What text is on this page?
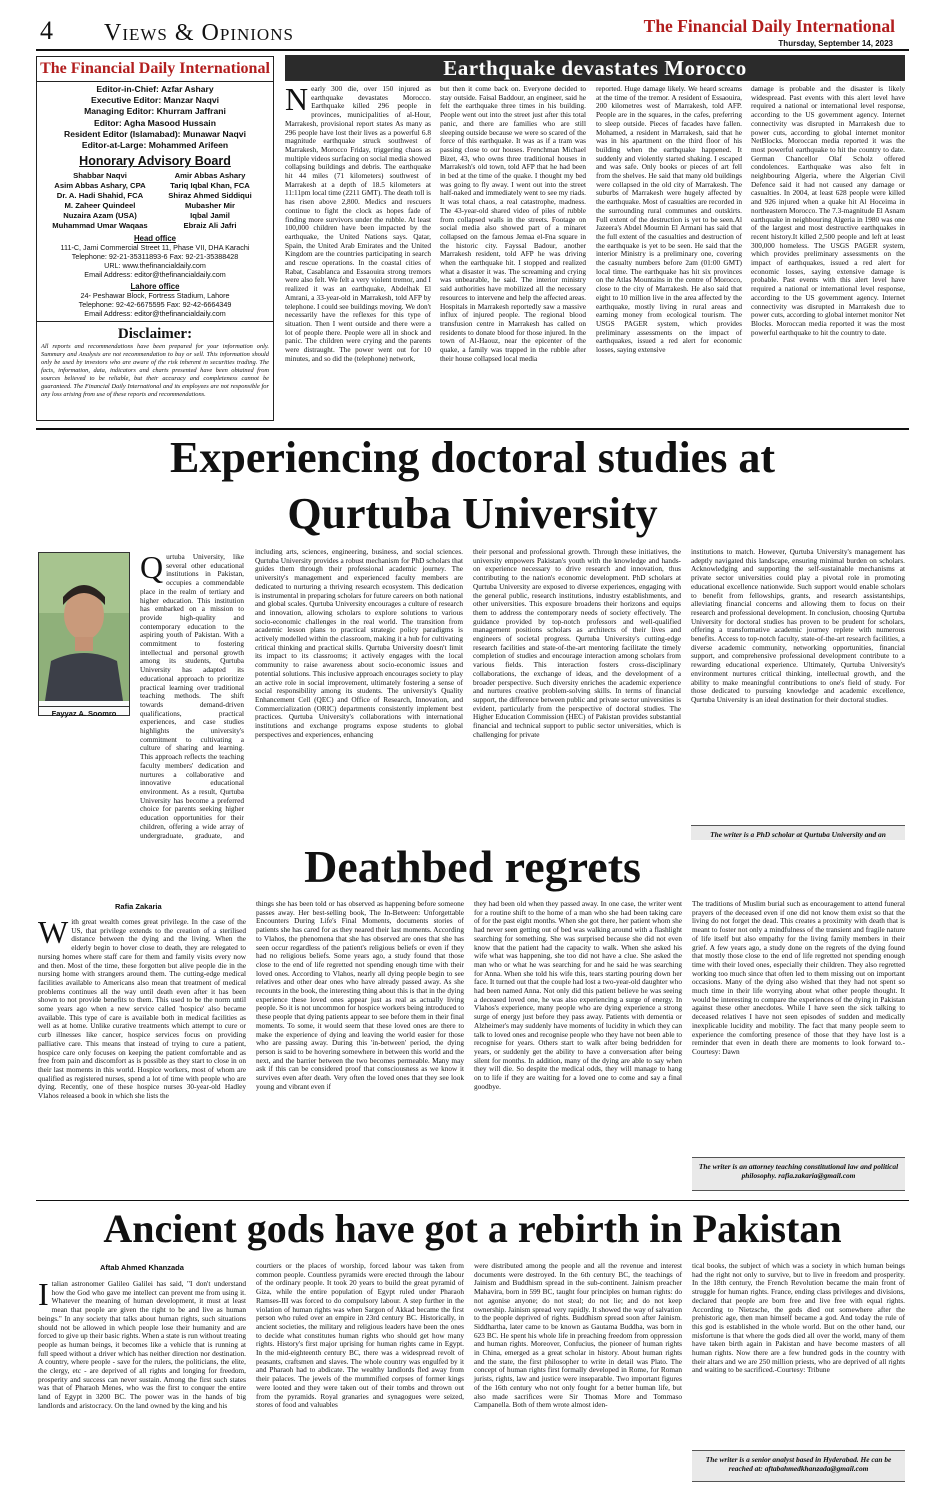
4 Views & Opinions	The Financial Daily International
Thursday, September 14, 2023
The Financial Daily International
Editor-in-Chief: Azfar Ashary
Executive Editor: Manzar Naqvi
Managing Editor: Khurram Jaffrani
Editor: Agha Masood Hussain
Resident Editor (Islamabad): Munawar Naqvi
Editor-at-Large: Mohammed Arifeen
Honorary Advisory Board
Shabbar Naqvi
Asim Abbas Ashary, CPA
Dr. A. Hadi Shahid, FCA
M. Zaheer Quindeel
Nuzaira Azam (USA)
Muhammad Umar Waqaas
Amir Abbas Ashary
Tariq Iqbal Khan, FCA
Shiraz Ahmed Siddiqui
Mubasher Mir
Iqbal Jamil
Ebraiz Ali Jafri
Head office
111-C, Jami Commercial Street 11, Phase VII, DHA Karachi
Telephone: 92-21-35311893-6 Fax: 92-21-35388428
URL: www.thefinancialdaily.com
Email Address: editor@thefinancialdaily.com
Lahore office
24- Peshawar Block, Fortress Stadium, Lahore
Telephone: 92-42-6675595 Fax: 92-42-6664349
Email Address: editor@thefinancialdaily.com
Disclaimer:
All reports and recommendations have been prepared for your information only. Summary and Analysis are not recommendation to buy or sell. This information should only be used by investors who are aware of the risk inherent in securities trading. The facts, information, data, indicators and charts presented have been obtained from sources believed to be reliable, but their accuracy and completeness cannot be guaranteed. The Financial Daily International and its employees are not responsible for any loss arising from use of these reports and recommendations.
Earthquake devastates Morocco
Nearly 300 die, over 150 injured as earthquake devastates Morocco. Earthquake killed 296 people in provinces, municipalities of al-Hour, Marrakesh, provisional report states As many as 296 people have lost their lives as a powerful 6.8 magnitude earthquake struck southwest of Marrakesh, Morocco Friday, triggering chaos as multiple videos surfacing on social media showed collapsing buildings and debris. The earthquake hit 44 miles (71 kilometers) southwest of Marrakesh at a depth of 18.5 kilometers at 11:11pm local time (2211 GMT). The death toll is has risen above 2,800. Medics and rescuers continue to fight the clock as hopes fade of finding more survivors under the rubble. At least 100,000 children have been impacted by the earthquake, the United Nations says. Qatar, Spain, the United Arab Emirates and the United Kingdom are the countries participating in search and rescue operations. In the coastal cities of Rabat, Casablanca and Essaouira strong tremors were also felt. We felt a very violent tremor, and I realized it was an earthquake, Abdelhak El Amrani, a 33-year-old in Marrakesh, told AFP by telephone. I could see buildings moving. We don't necessarily have the reflexes for this type of situation. Then I went outside and there were a lot of people there. People were all in shock and panic. The children were crying and the parents were distraught. The power went out for 10 minutes, and so did the (telephone) network,
but then it come back on. Everyone decided to stay outside. Faisal Baddour, an engineer, said he felt the earthquake three times in his building. People went out into the street just after this total panic, and there are families who are still sleeping outside because we were so scared of the force of this earthquake. It was as if a tram was passing close to our houses. Frenchman Michael Bizet, 43, who owns three traditional houses in Marrakesh's old town, told AFP that he had been in bed at the time of the quake. I thought my bed was going to fly away. I went out into the street half-naked and immediately went to see my riads. It was total chaos, a real catastrophe, madness. The 43-year-old shared video of piles of rubble from collapsed walls in the streets. Footage on social media also showed part of a minaret collapsed on the famous Jemaa el-Fna square in the historic city. Fayssal Badour, another Marrakesh resident, told AFP he was driving when the earthquake hit. I stopped and realized what a disaster it was. The screaming and crying was unbearable, he said. The interior ministry said authorities have mobilized all the necessary resources to intervene and help the affected areas. Hospitals in Marrakesh reportedly saw a massive influx of injured people. The regional blood transfusion centre in Marrakesh has called on residents to donate blood for those injured. In the town of Al-Haouz, near the epicenter of the quake, a family was trapped in the rubble after their house collapsed local media
reported. Huge damage likely. We heard screams at the time of the tremor. A resident of Essaouira, 200 kilometres west of Marrakesh, told AFP. People are in the squares, in the cafes, preferring to sleep outside. Pieces of facades have fallen. Mohamed, a resident in Marrakesh, said that he was in his apartment on the third floor of his building when the earthquake happened. It suddenly and violently started shaking. I escaped and was safe. Only books or pieces of art fell from the shelves. He said that many old buildings were collapsed in the old city of Marrakesh. The suburbs of Marrakesh were hugely affected by the earthquake. Most of casualties are recorded in the surrounding rural communes and outskirts. Full extent of the destruction is yet to be seen.Al Jazeera's Abdel Moumin El Armani has said that the full extent of the casualties and destruction of the earthquake is yet to be seen. He said that the interior Ministry is a preliminary one, covering the casualty numbers before 2am (01:00 GMT) local time. The earthquake has hit six provinces on the Atlas Mountains in the centre of Morocco, close to the city of Marrakesh. He also said that eight to 10 million live in the area affected by the earthquake, mostly living in rural areas and earning money from ecological tourism. The USGS PAGER system, which provides preliminary assessments on the impact of earthquakes, issued a red alert for economic losses, saying extensive
damage is probable and the disaster is likely widespread. Past events with this alert level have required a national or international level response, according to the US government agency. Internet connectivity was disrupted in Marrakesh due to power cuts, according to global internet monitor NetBlocks. Moroccan media reported it was the most powerful earthquake to hit the country to date. German Chancellor Olaf Scholz offered condolences. Earthquake was also felt in neighbouring Algeria, where the Algerian Civil Defence said it had not caused any damage or casualties. In 2004, at least 628 people were killed and 926 injured when a quake hit Al Hoceima in northeastern Morocco. The 7.3-magnitude El Asnam earthquake in neighbouring Algeria in 1980 was one of the largest and most destructive earthquakes in recent history.It killed 2,500 people and left at least 300,000 homeless. The USGS PAGER system, which provides preliminary assessments on the impact of earthquakes, issued a red alert for economic losses, saying extensive damage is probable. Past events with this alert level have required a national or international level response, according to the US government agency. Internet connectivity was disrupted in Marrakesh due to power cuts, according to global internet monitor Net Blocks. Moroccan media reported it was the most powerful earthquake to hit the country to date.
Experiencing doctoral studies at
Qurtuba University
Fayyaz A. Soomro
Qurtuba University, like several other educational institutions in Pakistan, occupies a commendable place in the realm of tertiary and higher education. This institution has embarked on a mission to provide high-quality and contemporary education to the aspiring youth of Pakistan. With a commitment to fostering intellectual and personal growth among its students, Qurtuba University has adapted its educational approach to prioritize practical learning over traditional teaching methods. The shift towards demand-driven qualifications, practical experiences, and case studies highlights the university's commitment to cultivating a culture of sharing and learning. This approach reflects the teaching faculty members' dedication and nurtures a collaborative and innovative educational environment. As a result, Qurtuba University has become a preferred choice for parents seeking higher education opportunities for their children, offering a wide array of undergraduate, graduate, and
including arts, sciences, engineering, business, and social sciences. Qurtuba University provides a robust mechanism for PhD scholars that guides them through their professional academic journey. The university's management and experienced faculty members are dedicated to nurturing a thriving research ecosystem. This dedication is instrumental in preparing scholars for future careers on both national and global scales. Qurtuba University encourages a culture of research and innovation, allowing scholars to explore solutions to various socio-economic challenges in the real world. The transition from academic lesson plans to practical strategic policy paradigms is actively modelled within the classroom, making it a hub for cultivating critical thinking and practical skills. Qurtuba University doesn't limit its impact to its classrooms; it actively engages with the local community to raise awareness about socio-economic issues and potential solutions. This inclusive approach encourages society to play an active role in social improvement, ultimately fostering a sense of social responsibility among its students. The university's Quality Enhancement Cell (QEC) and Office of Research, Innovation, and Commercialization (ORIC) departments consistently implement best practices. Qurtuba University's collaborations with international institutions and exchange programs expose students to global perspectives and experiences, enhancing
their personal and professional growth. Through these initiatives, the university empowers Pakistan's youth with the knowledge and hands-on experience necessary to drive research and innovation, thus contributing to the nation's economic development. PhD scholars at Qurtuba University are exposed to diverse experiences, engaging with the general public, research institutions, industry establishments, and other universities. This exposure broadens their horizons and equips them to address the contemporary needs of society effectively. The guidance provided by top-notch professors and well-qualified management positions scholars as architects of their lives and engineers of societal progress. Qurtuba University's cutting-edge research facilities and state-of-the-art mentoring facilitate the timely completion of studies and encourage interaction among scholars from various fields. This interaction fosters cross-disciplinary collaborations, the exchange of ideas, and the development of a broader perspective. Such diversity enriches the academic experience and nurtures creative problem-solving skills. In terms of financial support, the difference between public and private sector universities is evident, particularly from the perspective of doctoral studies. The Higher Education Commission (HEC) of Pakistan provides substantial financial and technical support to public sector universities, which is challenging for private
institutions to match. However, Qurtuba University's management has adeptly navigated this landscape, ensuring minimal burden on scholars. Acknowledging and supporting the self-sustainable mechanisms at private sector universities could play a pivotal role in promoting educational excellence nationwide. Such support would enable scholars to benefit from fellowships, grants, and research assistantships, alleviating financial concerns and allowing them to focus on their research and professional development. In conclusion, choosing Qurtuba University for doctoral studies has proven to be prudent for scholars, offering a transformative academic journey replete with numerous benefits. Access to top-notch faculty, state-of-the-art research facilities, a diverse academic community, networking opportunities, financial support, and comprehensive professional development contribute to a rewarding educational experience. Ultimately, Qurtuba University's environment nurtures critical thinking, intellectual growth, and the ability to make meaningful contributions to one's field of study. For those dedicated to pursuing knowledge and academic excellence, Qurtuba University is an ideal destination for their doctoral studies.
The writer is a PhD scholar at Qurtuba University and an
Deathbed regrets
Rafia Zakaria
With great wealth comes great privilege. In the case of the US, that privilege extends to the creation of a sterilised distance between the dying and the living. When the elderly begin to hover close to death, they are relegated to nursing homes where staff care for them and family visits every now and then. Most of the time, these forgotten but alive people die in the nursing home with strangers around them. The cutting-edge medical facilities available to Americans also mean that treatment of medical problems continues all the way until death even after it has been shown to not provide benefits to them. This used to be the norm until some years ago when a new service called 'hospice' also became available. This type of care is available both in medical facilities as well as at home. Unlike curative treatments which attempt to cure or curb illnesses like cancer, hospice services focus on providing palliative care. This means that instead of trying to cure a patient, hospice care only focuses on keeping the patient comfortable and as free from pain and discomfort as is possible as they start to close in on their last moments in this world. Hospice workers, most of whom are qualified as registered nurses, spend a lot of time with people who are dying. Recently, one of these hospice nurses 30-year-old Hadley Vlahos released a book in which she lists the
things she has been told or has observed as happening before someone passes away. Her best-selling book, The In-Between: Unforgettable Encounters During Life's Final Moments, documents stories of patients she has cared for as they neared their last moments. According to Vlahos, the phenomena that she has observed are ones that she has seen occur regardless of the patient's religious beliefs or even if they had no religious beliefs. Some years ago, a study found that those close to the end of life regretted not spending enough time with their loved ones. According to Vlahos, nearly all dying people begin to see relatives and other dear ones who have already passed away. As she recounts in the book, the interesting thing about this is that in the dying experience these loved ones appear just as real as actually living people. So it is not uncommon for hospice workers being introduced to these people that dying patients appear to see before them in their final moments. To some, it would seem that these loved ones are there to make the experience of dying and leaving the world easier for those who are passing away. During this 'in-between' period, the dying person is said to be hovering somewhere in between this world and the next, and the barrier between the two becomes permeable. Many may ask if this can be considered proof that consciousness as we know it survives even after death. Very often the loved ones that they see look young and vibrant even if
they had been old when they passed away. In one case, the writer went for a routine shift to the home of a man who she had been taking care of for the past eight months. When she got there, her patient whom she had never seen getting out of bed was walking around with a flashlight searching for something. She was surprised because she did not even know that the patient had the capacity to walk. When she asked his wife what was happening, she too did not have a clue. She asked the man who or what he was searching for and he said he was searching for Anna. When she told his wife this, tears starting pouring down her face. It turned out that the couple had lost a two-year-old daughter who had been named Anna. Not only did this patient believe he was seeing a deceased loved one, he was also experiencing a surge of energy. In Vlahos's experience, many people who are dying experience a strong surge of energy just before they pass away. Patients with dementia or Alzheimer's may suddenly have moments of lucidity in which they can talk to loved ones and recognise people who they have not been able to recognise for years. Others start to walk after being bedridden for years, or suddenly get the ability to have a conversation after being silent for months. In addition, many of the dying are able to say when they will die. So despite the medical odds, they will manage to hang on to life if they are waiting for a loved one to come and say a final goodbye.
The traditions of Muslim burial such as encouragement to attend funeral prayers of the deceased even if one did not know them exist so that the living do not forget the dead. This creates a proximity with death that is meant to foster not only a mindfulness of the transient and fragile nature of life itself but also empathy for the living family members in their grief. A few years ago, a study done on the regrets of the dying found that mostly those close to the end of life regretted not spending enough time with their loved ones, especially their children. They also regretted working too much since that often led to them missing out on important occasions. Many of the dying also wished that they had not spent so much time in their life worrying about what other people thought. It would be interesting to compare the experiences of the dying in Pakistan against these other anecdotes. While I have seen the sick talking to deceased relatives I have not seen episodes of sudden and medically inexplicable lucidity and mobility. The fact that many people seem to experience the comforting presence of those that they have lost is a reminder that even in death there are moments to look forward to.-Courtesy: Dawn
The writer is an attorney teaching constitutional law and political philosophy. rafia.zakaria@gmail.com
Ancient gods have got a rebirth in Pakistan
Aftab Ahmed Khanzada
Italian astronomer Galileo Galilei has said, "I don't understand how the God who gave me intellect can prevent me from using it. Whatever the meaning of human development, it must at least mean that people are given the right to be and live as human beings." In any society that talks about human rights, such situations should not be allowed in which people lose their humanity and are forced to give up their basic rights. When a state is run without treating people as human beings, it becomes like a vehicle that is running at full speed without a driver which has neither direction nor destination. A country, where people - save for the rulers, the politicians, the elite, the clergy, etc - are deprived of all rights and longing for freedom, prosperity and success can never sustain. Among the first such states was that of Pharaoh Menes, who was the first to conquer the entire land of Egypt in 3200 BC. The power was in the hands of big landlords and aristocracy. On the land owned by the king and his
courtiers or the places of worship, forced labour was taken from common people. Countless pyramids were erected through the labour of the ordinary people. It took 20 years to build the great pyramid of Giza, while the entire population of Egypt ruled under Pharaoh Ramses-III was forced to do compulsory labour. A step further in the violation of human rights was when Sargon of Akkad became the first person who ruled over an empire in 23rd century BC. Historically, in ancient societies, the military and religious leaders have been the ones to decide what constitutes human rights who should get how many rights. History's first major uprising for human rights came in Egypt. In the mid-eighteenth century BC, there was a widespread revolt of peasants, craftsmen and slaves. The whole country was engulfed by it and Pharaoh had to abdicate. The wealthy landlords fled away from their palaces. The jewels of the mummified corpses of former kings were looted and they were taken out of their tombs and thrown out from the pyramids. Royal granaries and synagogues were seized, stores of food and valuables
were distributed among the people and all the revenue and interest documents were destroyed. In the 6th century BC, the teachings of Jainism and Buddhism spread in the sub-continent. Jainism preacher Mahavira, born in 599 BC, taught four principles on human rights: do not agonise anyone; do not steal; do not lie; and do not keep ownership. Jainism spread very rapidly. It showed the way of salvation to the people deprived of rights. Buddhism spread soon after Jainism. Siddhartha, later came to be known as Gautama Buddha, was born in 623 BC. He spent his whole life in preaching freedom from oppression and human rights. Moreover, Confucius, the pioneer of human rights in China, emerged as a great scholar in history. About human rights and the state, the first philosopher to write in detail was Plato. The concept of human rights first formally developed in Rome, for Roman jurists, rights, law and justice were inseparable. Two important figures of the 16th century who not only fought for a better human life, but also made sacrifices were Sir Thomas More and Tommaso Campanella. Both of them wrote almost iden-
tical books, the subject of which was a society in which human beings had the right not only to survive, but to live in freedom and prosperity. In the 18th century, the French Revolution became the main front of struggle for human rights. France, ending class privileges and divisions, declared that people are born free and live free with equal rights. According to Nietzsche, the gods died out somewhere after the prehistoric age, then man himself became a god. And today the rule of this god is established in the whole world. But on the other hand, our misfortune is that where the gods died all over the world, many of them have taken birth again in Pakistan and have become masters of all human rights. Now there are a few hundred gods in the country with their altars and we are 250 million priests, who are deprived of all rights and waiting to be sacrificed.-Courtesy: Tribune
The writer is a senior analyst based in Hyderabad. He can be reached at: aftabahmedkhanzada@gmail.com
